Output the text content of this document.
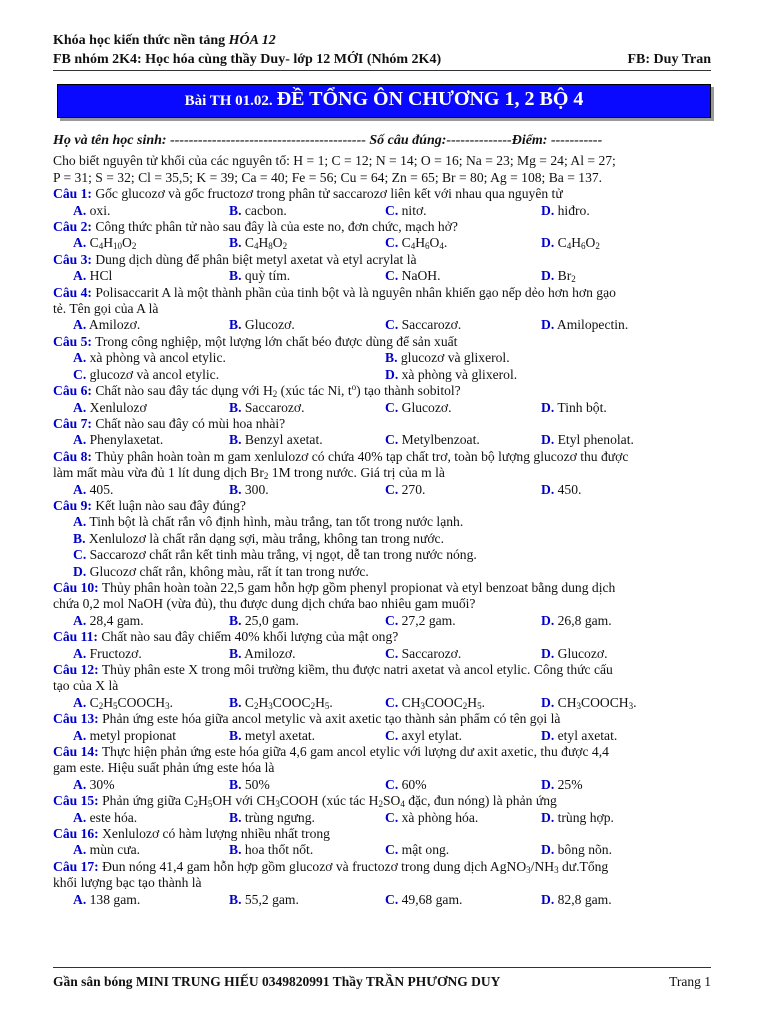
Khóa học kiến thức nền tảng HÓA 12
FB nhóm 2K4: Học hóa cùng thầy Duy- lớp 12 MỚI (Nhóm 2K4)	FB: Duy Tran
Bài TH 01.02. ĐỀ TỔNG ÔN CHƯƠNG 1, 2 BỘ 4
Họ và tên học sinh: ------------------------------------------ Số câu đúng:--------------Điểm: -----------
Cho biết nguyên tử khối của các nguyên tố: H = 1; C = 12; N = 14; O = 16; Na = 23; Mg = 24; Al = 27;
P = 31; S = 32; Cl = 35,5; K = 39; Ca = 40; Fe = 56; Cu = 64; Zn = 65; Br = 80; Ag = 108; Ba = 137.
Câu 1: Gốc glucozơ và gốc fructozơ trong phân tử saccarozơ liên kết với nhau qua nguyên tử
A. oxi.	B. cacbon.	C. nitơ.	D. hiđro.
Câu 2: Công thức phân tử nào sau đây là của este no, đơn chức, mạch hở?
A. $C_4H_{10}O_2$	B. $C_4H_8O_2$	C. $C_4H_6O_4$.	D. $C_4H_6O_2$
Câu 3: Dung dịch dùng để phân biệt metyl axetat và etyl acrylat là
A. HCl	B. quỳ tím.	C. NaOH.	D. $Br_2$
Câu 4: Polisaccarit A là một thành phần của tinh bột và là nguyên nhân khiến gạo nếp dẻo hơn hơn gạo
tẻ. Tên gọi của A là
A. Amilozơ.	B. Glucozơ.	C. Saccarozơ.	D. Amilopectin.
Câu 5: Trong công nghiệp, một lượng lớn chất béo được dùng để sản xuất
A. xà phòng và ancol etylic.	B. glucozơ và glixerol.
C. glucozơ và ancol etylic.	D. xà phòng và glixerol.
Câu 6: Chất nào sau đây tác dụng với $H_2$ (xúc tác Ni, $t^o$) tạo thành sobitol?
A. Xenlulozơ	B. Saccarozơ.	C. Glucozơ.	D. Tinh bột.
Câu 7: Chất nào sau đây có mùi hoa nhài?
A. Phenylaxetat.	B. Benzyl axetat.	C. Metylbenzoat.	D. Etyl phenolat.
Câu 8: Thủy phân hoàn toàn m gam xenlulozơ có chứa 40% tạp chất trơ, toàn bộ lượng glucozơ thu được
làm mất màu vừa đủ 1 lít dung dịch $Br_2$ 1M trong nước. Giá trị của m là
A. 405.	B. 300.	C. 270.	D. 450.
Câu 9: Kết luận nào sau đây đúng?
A. Tinh bột là chất rắn vô định hình, màu trắng, tan tốt trong nước lạnh.
B. Xenlulozơ là chất rắn dạng sợi, màu trắng, không tan trong nước.
C. Saccarozơ chất rắn kết tinh màu trắng, vị ngọt, dễ tan trong nước nóng.
D. Glucozơ chất rắn, không màu, rất ít tan trong nước.
Câu 10: Thủy phân hoàn toàn 22,5 gam hỗn hợp gồm phenyl propionat và etyl benzoat bằng dung dịch
chứa 0,2 mol NaOH (vừa đủ), thu được dung dịch chứa bao nhiêu gam muối?
A. 28,4 gam.	B. 25,0 gam.	C. 27,2 gam.	D. 26,8 gam.
Câu 11: Chất nào sau đây chiếm 40% khối lượng của mật ong?
A. Fructozơ.	B. Amilozơ.	C. Saccarozơ.	D. Glucozơ.
Câu 12: Thủy phân este X trong môi trường kiềm, thu được natri axetat và ancol etylic. Công thức cấu
tạo của X là
A. $C_2H_5COOCH_3$.	B. $C_2H_3COOC_2H_5$.	C. $CH_3COOC_2H_5$.	D. $CH_3COOCH_3$.
Câu 13: Phản ứng este hóa giữa ancol metylic và axit axetic tạo thành sản phẩm có tên gọi là
A. metyl propionat	B. metyl axetat.	C. axyl etylat.	D. etyl axetat.
Câu 14: Thực hiện phản ứng este hóa giữa 4,6 gam ancol etylic với lượng dư axit axetic, thu được 4,4
gam este. Hiệu suất phản ứng este hóa là
A. 30%	B. 50%	C. 60%	D. 25%
Câu 15: Phản ứng giữa $C_2H_5OH$ với $CH_3COOH$ (xúc tác $H_2SO_4$ đặc, đun nóng) là phản ứng
A. este hóa.	B. trùng ngưng.	C. xà phòng hóa.	D. trùng hợp.
Câu 16: Xenlulozơ có hàm lượng nhiều nhất trong
A. mùn cưa.	B. hoa thốt nốt.	C. mật ong.	D. bông nõn.
Câu 17: Đun nóng 41,4 gam hỗn hợp gồm glucozơ và fructozơ trong dung dịch $AgNO_3/NH_3$ dư.Tổng
khối lượng bạc tạo thành là
A. 138 gam.	B. 55,2 gam.	C. 49,68 gam.	D. 82,8 gam.
Gần sân bóng MINI TRUNG HIẾU 0349820991 Thầy TRẦN PHƯƠNG DUY	Trang 1
